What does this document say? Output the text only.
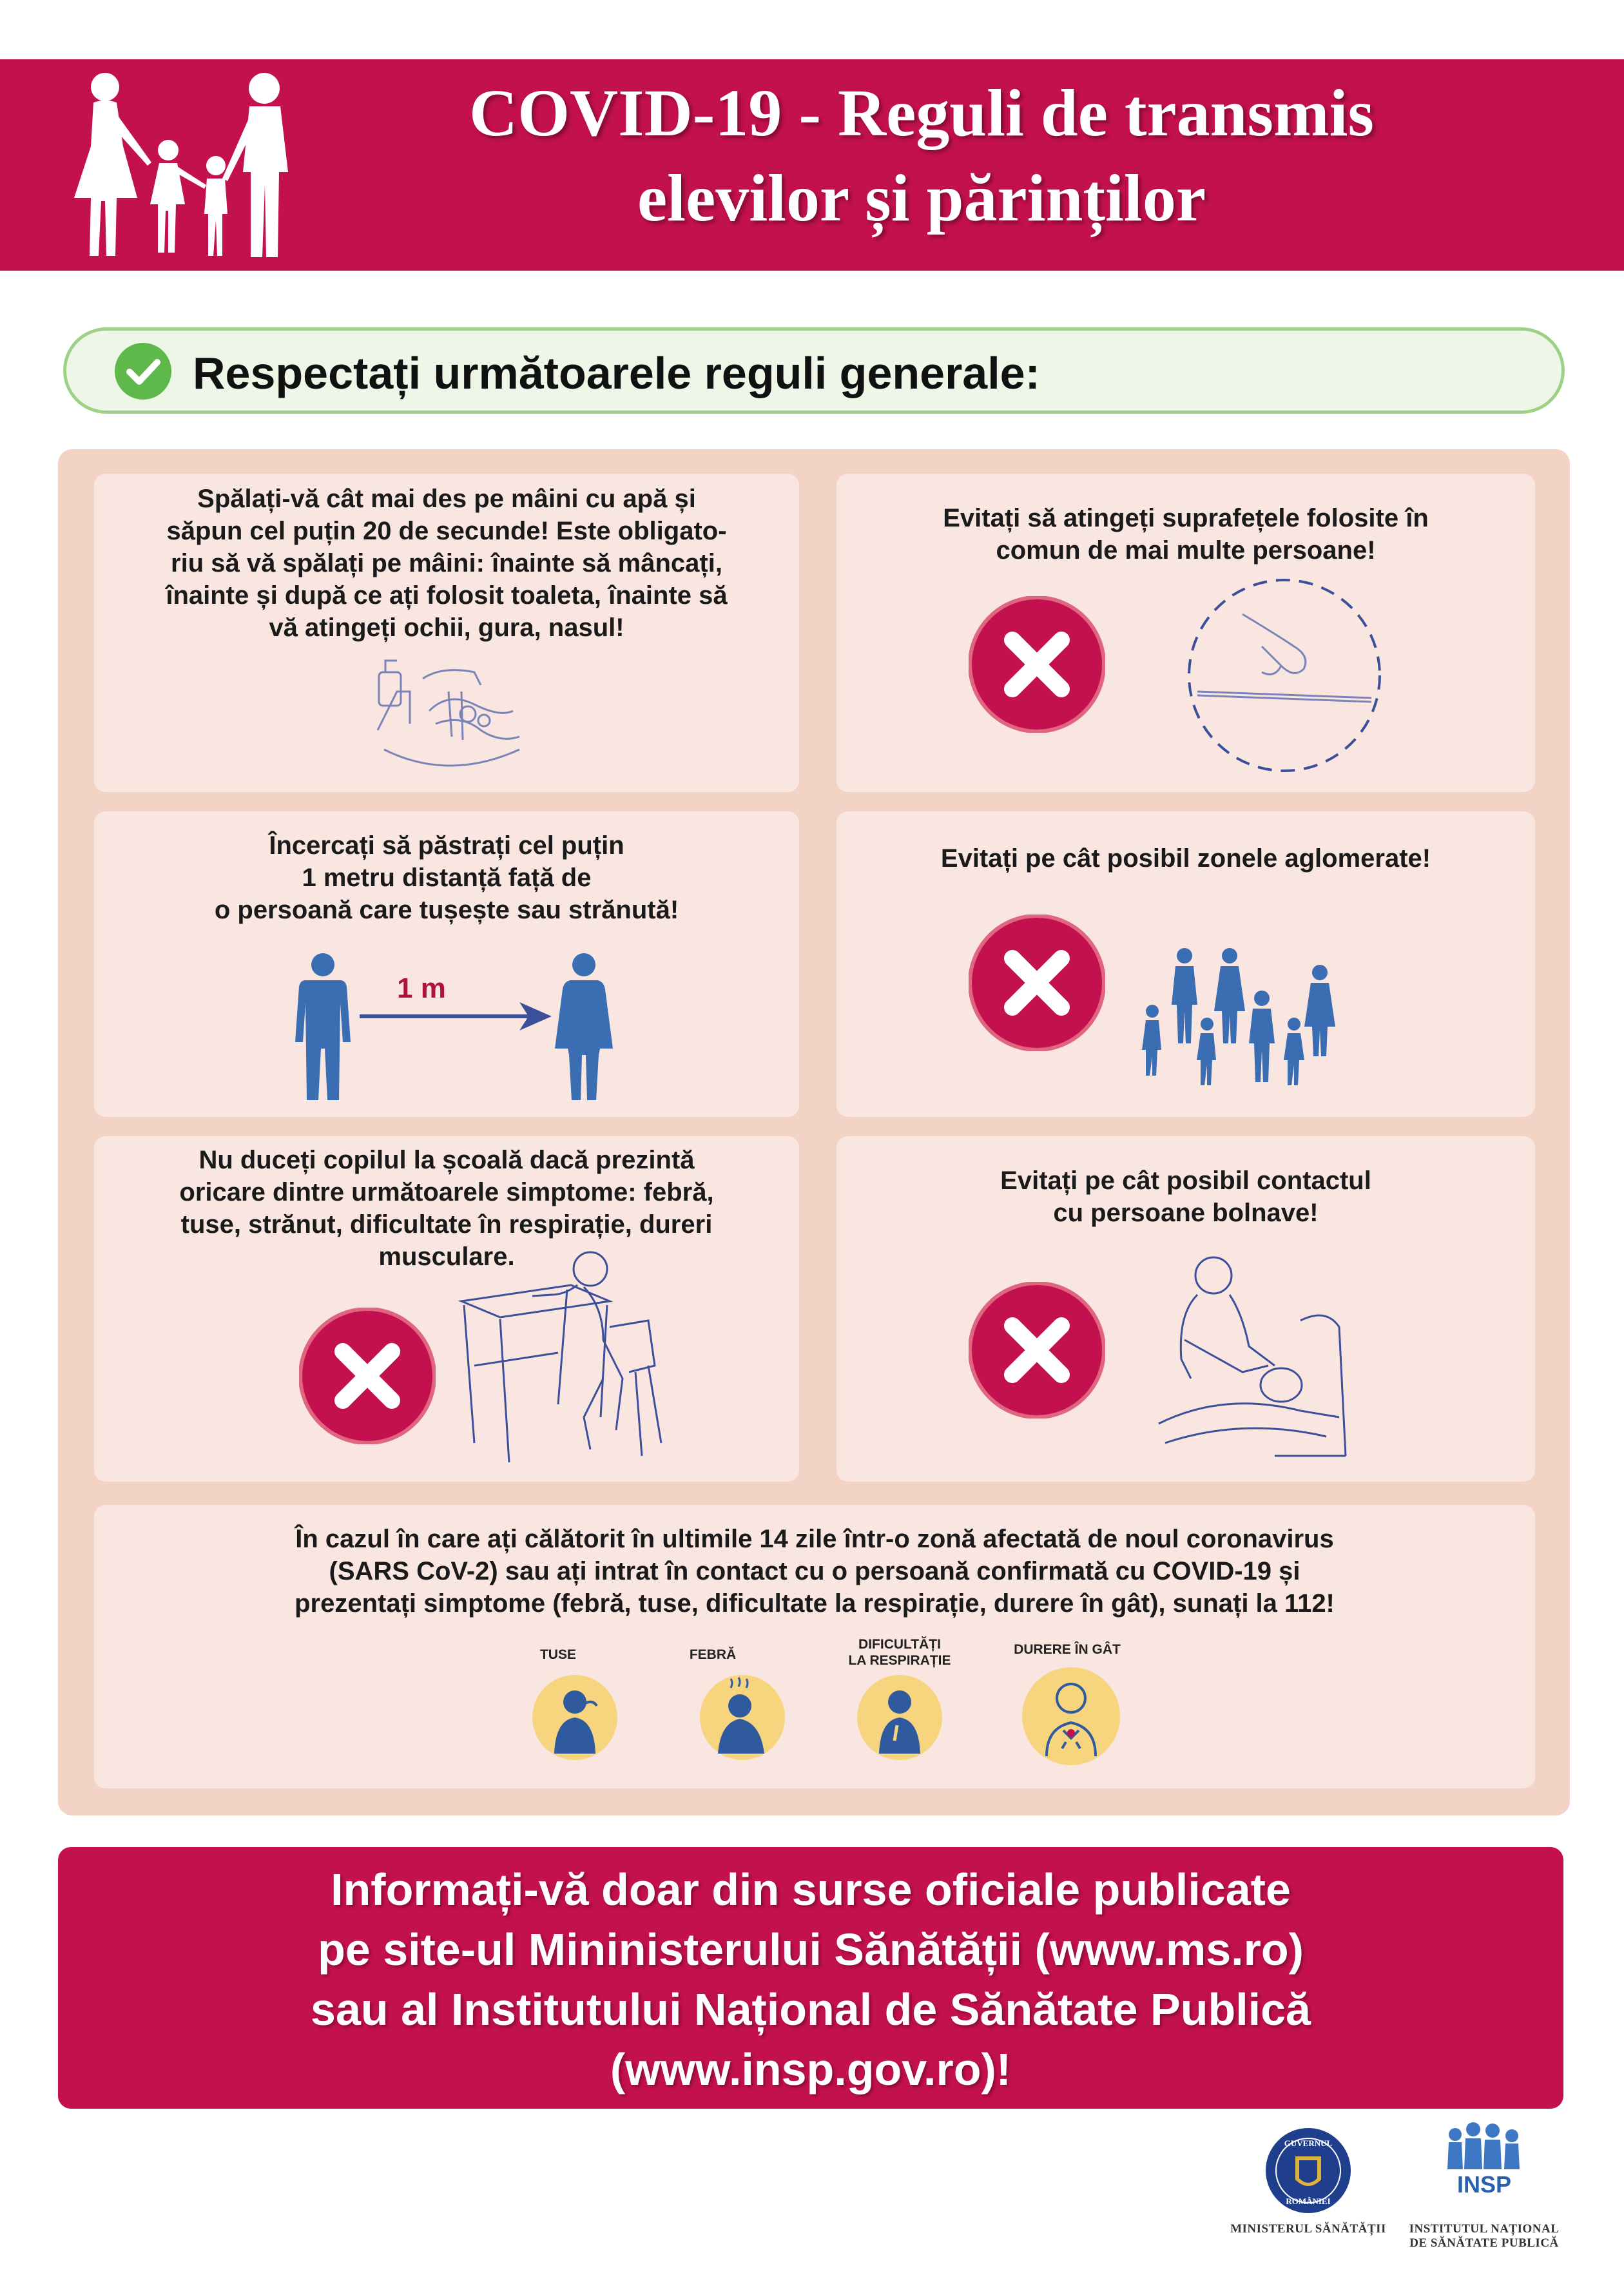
COVID-19 - Reguli de transmis
elevilor și părinților
Respectați următoarele reguli generale:
Spălați-vă cât mai des pe mâini cu apă și
săpun cel puțin 20 de secunde! Este obligato-
riu să vă spălați pe mâini: înainte să mâncați,
înainte și după ce ați folosit toaleta, înainte să
vă atingeți ochii, gura, nasul!
Evitați să atingeți suprafețele folosite în
comun de mai multe persoane!
Încercați să păstrați cel puțin
1 metru distanță față de
o persoană care tușește sau strănută!
1 m
Evitați pe cât posibil zonele aglomerate!
Nu duceți copilul la școală dacă prezintă
oricare dintre următoarele simptome: febră,
tuse, strănut, dificultate în respirație, dureri
musculare.
Evitați pe cât posibil contactul
cu persoane bolnave!
În cazul în care ați călătorit în ultimile 14 zile într-o zonă afectată de noul coronavirus
(SARS CoV-2) sau ați intrat în contact cu o persoană confirmată cu COVID-19 și
prezentați simptome (febră, tuse, dificultate la respirație, durere în gât), sunați la 112!
TUSE	FEBRĂ
DIFICULTĂȚI
LA RESPIRAȚIE
DURERE ÎN GÂT
Informați-vă doar din surse oficiale publicate
pe site-ul Mininisterului Sănătății (www.ms.ro)
sau al Institutului Național de Sănătate Publică
(www.insp.gov.ro)!
GUVERNUL
ROMÂNIEI
MINISTERUL SĂNĂTĂȚII
INSP
INSTITUTUL NAȚIONAL
DE SĂNĂTATE PUBLICĂ
